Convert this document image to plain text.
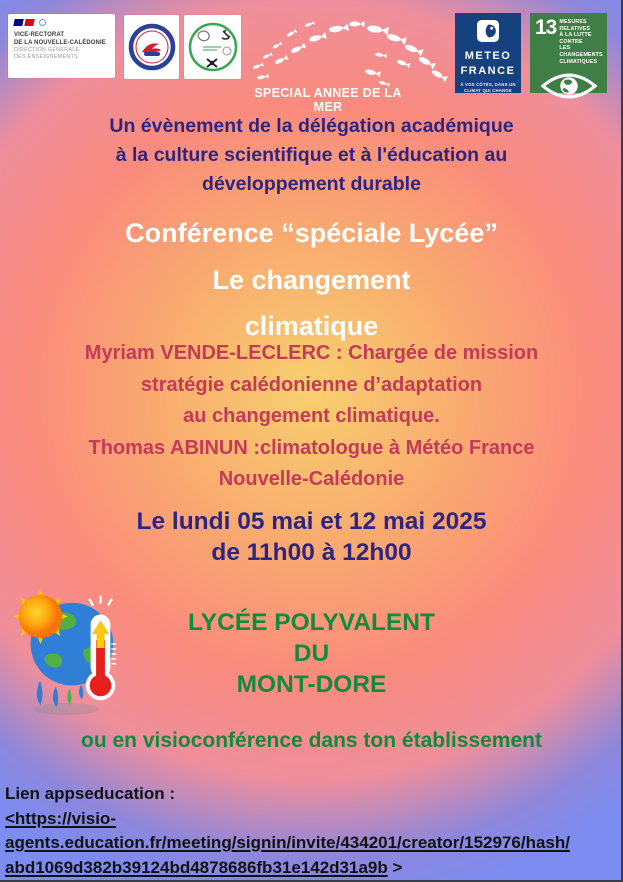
VICE-RECTORAT
DE LA NOUVELLE-CALÉDONIE
DIRECTION GÉNÉRALE
DES ENSEIGNEMENTS	METEO
FRANCE
À VOS CÔTÉS, DANS UN
CLIMAT QUI CHANGE
13 MESURES RELATIVES
À LA LUTTE CONTRE
LES CHANGEMENTS
CLIMATIQUES
SPECIAL ANNEE DE LA MER
Un évènement de la délégation académique
à la culture scientifique et à l'éducation au
développement durable
Conférence “spéciale Lycée”
Le changement
climatique
Myriam VENDE-LECLERC : Chargée de mission
stratégie calédonienne d’adaptation
au changement climatique.
Thomas ABINUN :climatologue à Météo France
Nouvelle-Calédonie
Le lundi 05 mai et 12 mai 2025
de 11h00 à 12h00
LYCÉE POLYVALENT
DU
MONT-DORE
ou en visioconférence dans ton établissement
Lien appseducation :
<https://visio-
agents.education.fr/meeting/signin/invite/434201/creator/152976/hash/
abd1069d382b39124bd4878686fb31e142d31a9b >
